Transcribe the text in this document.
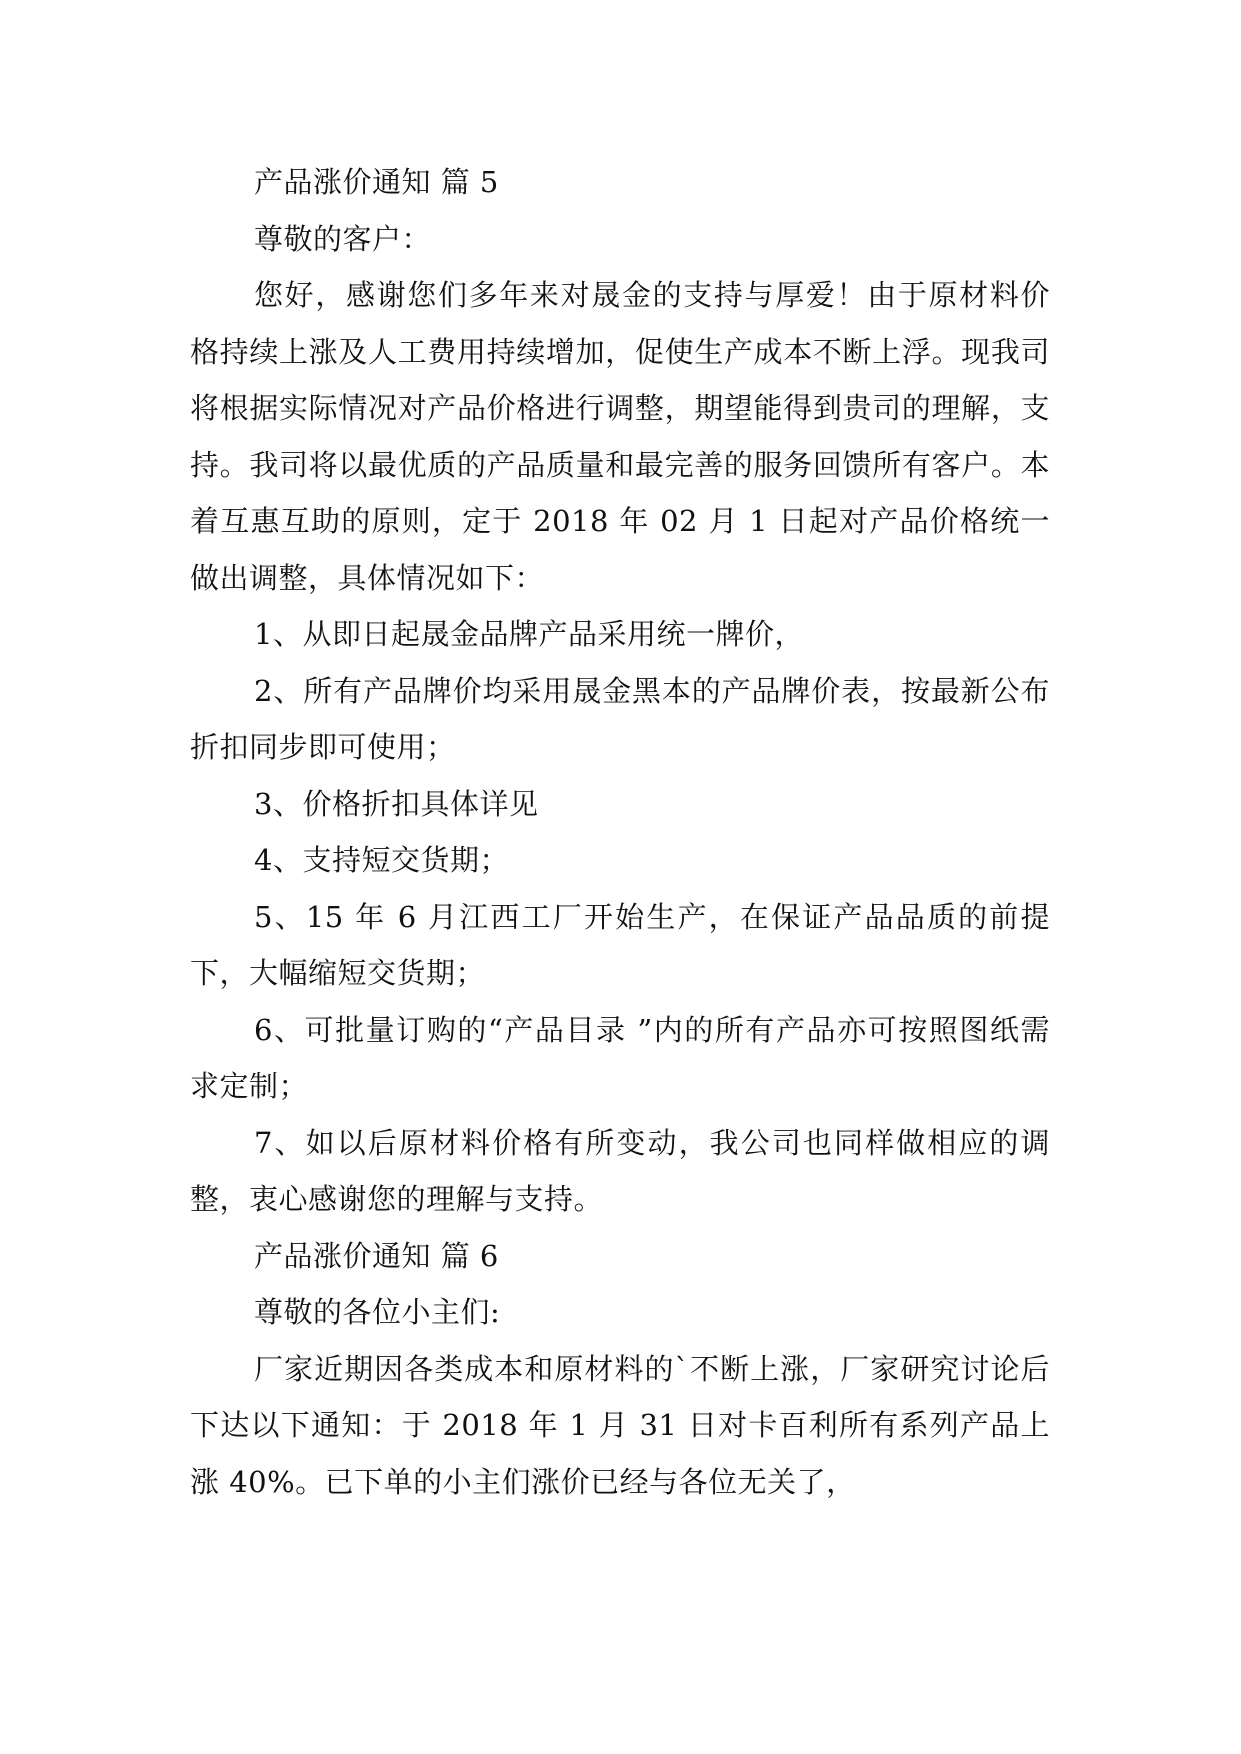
产品涨价通知 篇 5
尊敬的客户：
您好，感谢您们多年来对晟金的支持与厚爱！由于原材料价格持续上涨及人工费用持续增加，促使生产成本不断上浮。现我司将根据实际情况对产品价格进行调整，期望能得到贵司的理解，支持。我司将以最优质的产品质量和最完善的服务回馈所有客户。本着互惠互助的原则，定于 2018 年 02 月 1 日起对产品价格统一做出调整，具体情况如下：
1、从即日起晟金品牌产品采用统一牌价，
2、所有产品牌价均采用晟金黑本的产品牌价表，按最新公布折扣同步即可使用；
3、价格折扣具体详见
4、支持短交货期；
5、15 年 6 月江西工厂开始生产，在保证产品品质的前提下，大幅缩短交货期；
6、可批量订购的“产品目录 ”内的所有产品亦可按照图纸需求定制；
7、如以后原材料价格有所变动，我公司也同样做相应的调整，衷心感谢您的理解与支持。
产品涨价通知 篇 6
尊敬的各位小主们:
厂家近期因各类成本和原材料的`不断上涨，厂家研究讨论后下达以下通知：于 2018 年 1 月 31 日对卡百利所有系列产品上涨 40%。已下单的小主们涨价已经与各位无关了，
